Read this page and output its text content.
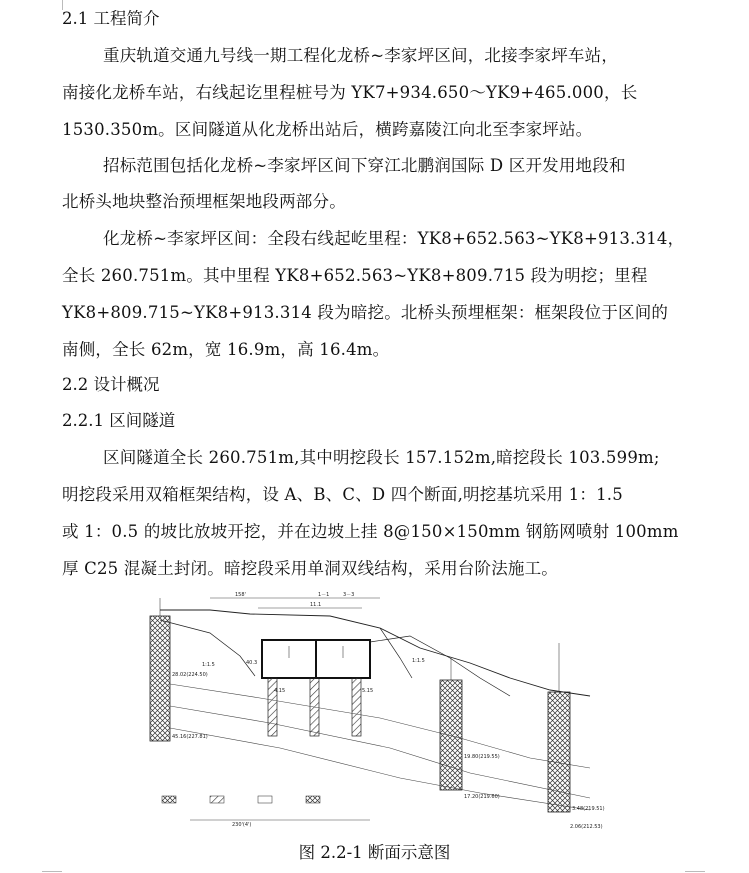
2.1 工程简介
重庆轨道交通九号线一期工程化龙桥~李家坪区间，北接李家坪车站，
南接化龙桥车站，右线起讫里程桩号为 YK7+934.650～YK9+465.000，长
1530.350m。区间隧道从化龙桥出站后，横跨嘉陵江向北至李家坪站。
招标范围包括化龙桥~李家坪区间下穿江北鹏润国际 D 区开发用地段和
北桥头地块整治预埋框架地段两部分。
化龙桥~李家坪区间：全段右线起屹里程：YK8+652.563~YK8+913.314，
全长 260.751m。其中里程 YK8+652.563~YK8+809.715 段为明挖；里程
YK8+809.715~YK8+913.314 段为暗挖。北桥头预埋框架：框架段位于区间的
南侧，全长 62m，宽 16.9m，高 16.4m。
2.2 设计概况
2.2.1 区间隧道
区间隧道全长 260.751m,其中明挖段长 157.152m,暗挖段长 103.599m;
明挖段采用双箱框架结构，设 A、B、C、D 四个断面,明挖基坑采用 1：1.5
或 1：0.5 的坡比放坡开挖，并在边坡上挂 8@150×150mm 钢筋网喷射 100mm
厚 C25 混凝土封闭。暗挖段采用单洞双线结构，采用台阶法施工。
158'	1－1	3－3
11.1
4.15	5.15
40.3
19.80(219.55)
17.20(219.60)
3.48(219.51)
2.06(212.53)
28.02(224.50)
45.16(227.81)
1:1.5
1:1.5
230'(4')
图 2.2-1 断面示意图
